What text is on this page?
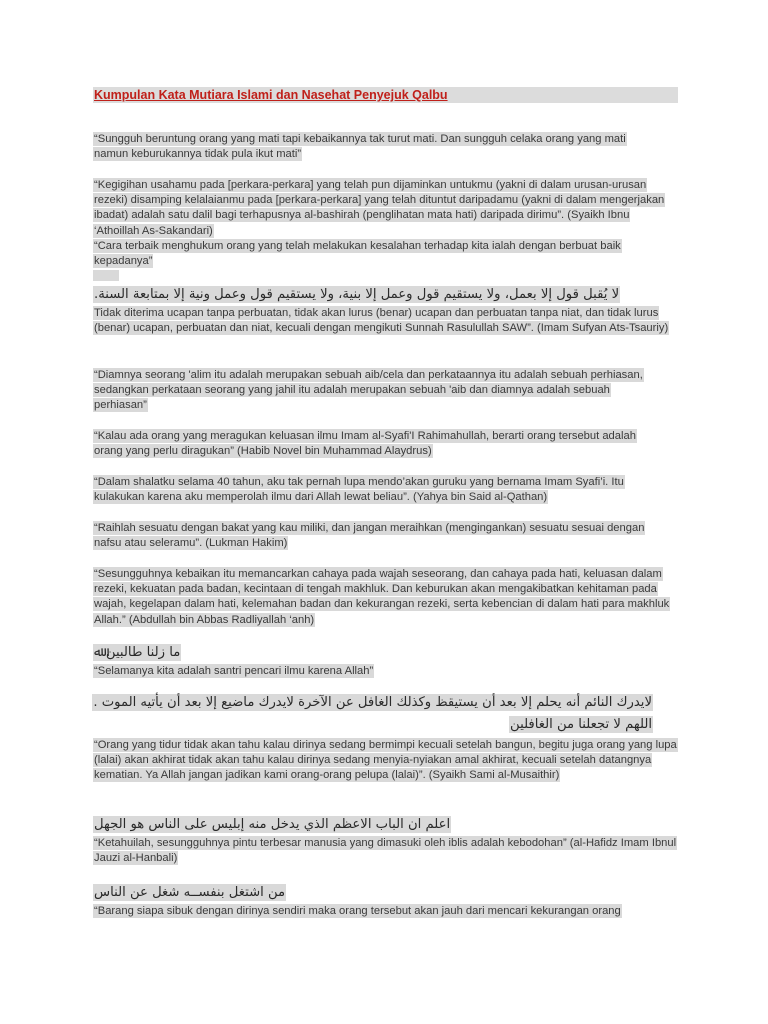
Kumpulan Kata Mutiara Islami dan Nasehat Penyejuk Qalbu

“Sungguh beruntung orang yang mati tapi kebaikannya tak turut mati. Dan sungguh celaka orang yang mati namun keburukannya tidak pula ikut mati”

“Kegigihan usahamu pada [perkara-perkara] yang telah pun dijaminkan untukmu (yakni di dalam urusan-urusan rezeki) disamping kelalaianmu pada [perkara-perkara] yang telah dituntut daripadamu (yakni di dalam mengerjakan ibadat) adalah satu dalil bagi terhapusnya al-bashirah (penglihatan mata hati) daripada dirimu”. (Syaikh Ibnu ‘Athoillah As-Sakandari)

“Cara terbaik menghukum orang yang telah melakukan kesalahan terhadap kita ialah dengan berbuat baik kepadanya”

لا يُقبل قول إلا بعمل، ولا يستقيم قول وعمل إلا بنية، ولا يستقيم قول وعمل ونية إلا بمتابعة السنة.

Tidak diterima ucapan tanpa perbuatan, tidak akan lurus (benar) ucapan dan perbuatan tanpa niat, dan tidak lurus (benar) ucapan, perbuatan dan niat, kecuali dengan mengikuti Sunnah Rasulullah SAW”. (Imam Sufyan Ats-Tsauriy)

“Diamnya seorang 'alim itu adalah merupakan sebuah aib/cela dan perkataannya itu adalah sebuah perhiasan, sedangkan perkataan seorang yang jahil itu adalah merupakan sebuah 'aib dan diamnya adalah sebuah perhiasan”

“Kalau ada orang yang meragukan keluasan ilmu Imam al-Syafi'I Rahimahullah, berarti orang tersebut adalah orang yang perlu diragukan” (Habib Novel bin Muhammad Alaydrus)

“Dalam shalatku selama 40 tahun, aku tak pernah lupa mendo’akan guruku yang bernama Imam Syafi’i. Itu kulakukan karena aku memperolah ilmu dari Allah lewat beliau”. (Yahya bin Said al-Qathan)

“Raihlah sesuatu dengan bakat yang kau miliki, dan jangan meraihkan (mengingankan) sesuatu sesuai dengan nafsu atau seleramu”. (Lukman Hakim)

“Sesungguhnya kebaikan itu memancarkan cahaya pada wajah seseorang, dan cahaya pada hati, keluasan dalam rezeki, kekuatan pada badan, kecintaan di tengah makhluk. Dan keburukan akan mengakibatkan kehitaman pada wajah, kegelapan dalam hati, kelemahan badan dan kekurangan rezeki, serta kebencian di dalam hati para makhluk Allah.” (Abdullah bin Abbas Radliyallah ‘anh)

ما زلنا طالبين ﷲ

“Selamanya kita adalah santri pencari ilmu karena Allah”

لايدرك النائم أنه يحلم إلا بعد أن يستيقظ وكذلك الغافل عن الآخرة لايدرك ماضيع إلا بعد أن يأتيه الموت . اللهم لا تجعلنا من الغافلين

“Orang yang tidur tidak akan tahu kalau dirinya sedang bermimpi kecuali setelah bangun, begitu juga orang yang lupa (lalai) akan akhirat tidak akan tahu kalau dirinya sedang menyia-nyiakan amal akhirat, kecuali setelah datangnya kematian. Ya Allah jangan jadikan kami orang-orang pelupa (lalai)”. (Syaikh Sami al-Musaithir)

اعلم ان الباب الاعظم الذي يدخل منه إبليس على الناس هو الجهل

“Ketahuilah, sesungguhnya pintu terbesar manusia yang dimasuki oleh iblis adalah kebodohan” (al-Hafidz Imam Ibnul Jauzi al-Hanbali)

من اشتغل بنفســه شغل عن الناس

“Barang siapa sibuk dengan dirinya sendiri maka orang tersebut akan jauh dari mencari kekurangan orang
